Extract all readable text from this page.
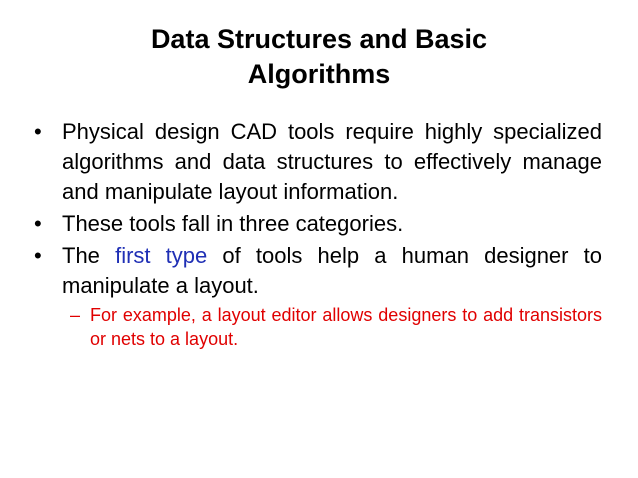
Data Structures and Basic
Algorithms
• Physical design CAD tools require highly specialized algorithms and data structures to effectively manage and manipulate layout information.
• These tools fall in three categories.
• The first type of tools help a human designer to manipulate a layout.
– For example, a layout editor allows designers to add transistors or nets to a layout.
